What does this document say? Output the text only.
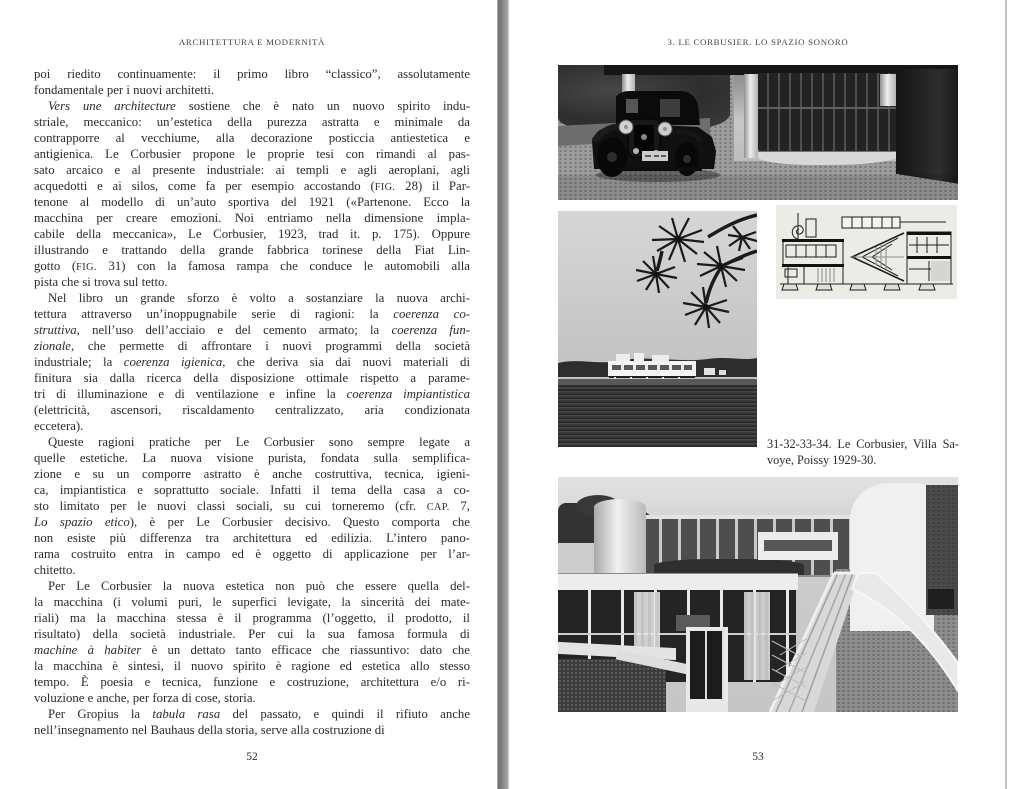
ARCHITETTURA E MODERNITÀ
poi riedito continuamente: il primo libro “classico”, assolutamente
fondamentale per i nuovi architetti.
Vers une architecture sostiene che è nato un nuovo spirito indu-
striale, meccanico: un’estetica della purezza astratta e minimale da
contrapporre al vecchiume, alla decorazione posticcia antiestetica e
antigienica. Le Corbusier propone le proprie tesi con rimandi al pas-
sato arcaico e al presente industriale: ai templi e agli aeroplani, agli
acquedotti e ai silos, come fa per esempio accostando (FIG. 28) il Par-
tenone al modello di un’auto sportiva del 1921 («Partenone. Ecco la
macchina per creare emozioni. Noi entriamo nella dimensione impla-
cabile della meccanica», Le Corbusier, 1923, trad it. p. 175). Oppure
illustrando e trattando della grande fabbrica torinese della Fiat Lin-
gotto (FIG. 31) con la famosa rampa che conduce le automobili alla
pista che si trova sul tetto.
Nel libro un grande sforzo è volto a sostanziare la nuova archi-
tettura attraverso un’inoppugnabile serie di ragioni: la coerenza co-
struttiva, nell’uso dell’acciaio e del cemento armato; la coerenza fun-
zionale, che permette di affrontare i nuovi programmi della società
industriale; la coerenza igienica, che deriva sia dai nuovi materiali di
finitura sia dalla ricerca della disposizione ottimale rispetto a parame-
tri di illuminazione e di ventilazione e infine la coerenza impiantistica
(elettricità, ascensori, riscaldamento centralizzato, aria condizionata
eccetera).
Queste ragioni pratiche per Le Corbusier sono sempre legate a
quelle estetiche. La nuova visione purista, fondata sulla semplifica-
zione e su un comporre astratto è anche costruttiva, tecnica, igieni-
ca, impiantistica e soprattutto sociale. Infatti il tema della casa a co-
sto limitato per le nuovi classi sociali, su cui torneremo (cfr. CAP. 7,
Lo spazio etico), è per Le Corbusier decisivo. Questo comporta che
non esiste più differenza tra architettura ed edilizia. L’intero pano-
rama costruito entra in campo ed è oggetto di applicazione per l’ar-
chitetto.
Per Le Corbusier la nuova estetica non può che essere quella del-
la macchina (i volumi puri, le superfici levigate, la sincerità dei mate-
riali) ma la macchina stessa è il programma (l’oggetto, il prodotto, il
risultato) della società industriale. Per cui la sua famosa formula di
machine à habiter è un dettato tanto efficace che riassuntivo: dato che
la macchina è sintesi, il nuovo spirito è ragione ed estetica allo stesso
tempo. È poesia e tecnica, funzione e costruzione, architettura e/o ri-
voluzione e anche, per forza di cose, storia.
Per Gropius la tabula rasa del passato, e quindi il rifiuto anche
nell’insegnamento nel Bauhaus della storia, serve alla costruzione di
52
3. LE CORBUSIER. LO SPAZIO SONORO
31-32-33-34. Le Corbusier, Villa Sa-
voye, Poissy 1929-30.
53
